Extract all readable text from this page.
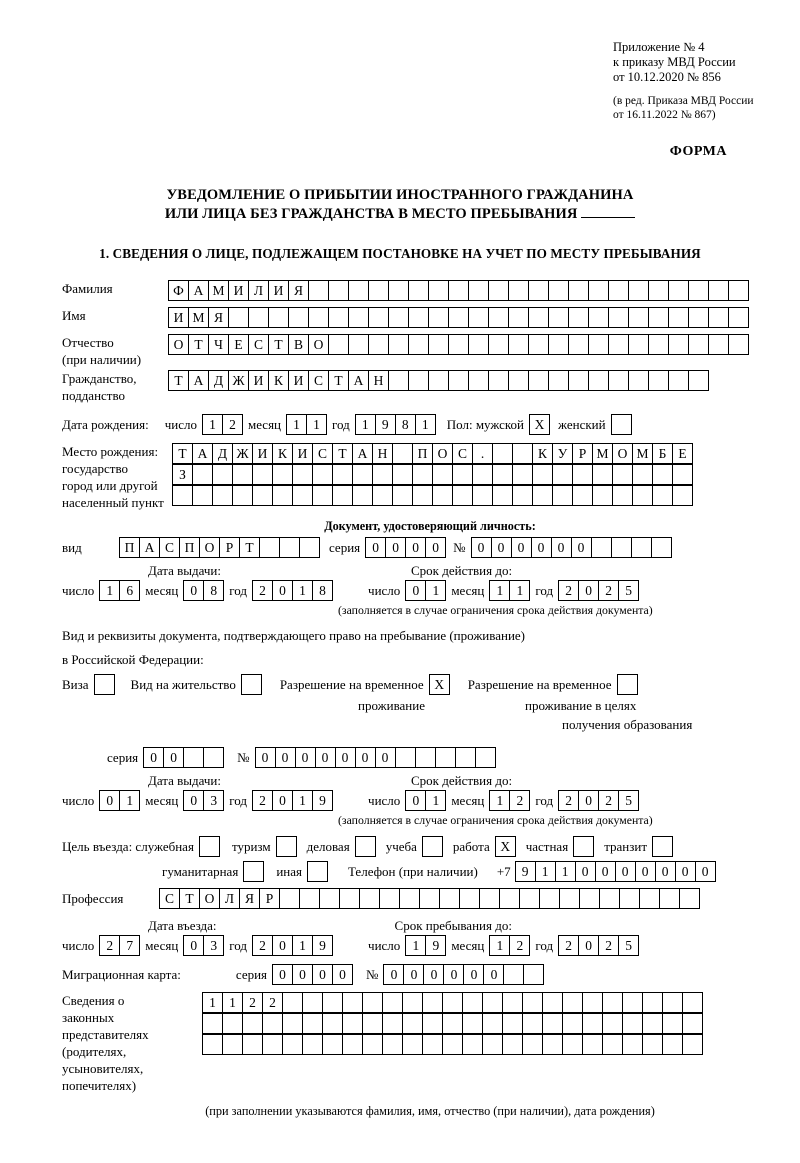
Приложение № 4
к приказу МВД России
от 10.12.2020 № 856
(в ред. Приказа МВД России
от 16.11.2022 № 867)
ФОРМА
УВЕДОМЛЕНИЕ О ПРИБЫТИИ ИНОСТРАННОГО ГРАЖДАНИНА
ИЛИ ЛИЦА БЕЗ ГРАЖДАНСТВА В МЕСТО ПРЕБЫВАНИЯ
1. СВЕДЕНИЯ О ЛИЦЕ, ПОДЛЕЖАЩЕМ ПОСТАНОВКЕ НА УЧЕТ ПО МЕСТУ ПРЕБЫВАНИЯ
Фамилия	Ф А М И Л И Я
Имя	И М Я
Отчество
(при наличии)
О Т Ч Е С Т В О
Гражданство,
подданство
Т А Д Ж И К И С Т А Н
Дата рождения: число 1 2 месяц 1 1 год 1 9 8 1	Пол: мужской Х	женский
Место рождения:
государство
город или другой
населенный пункт
Т А Д Ж И К И С Т А Н	П О С	.	К У Р М О М Б Е
З
Документ, удостоверяющий личность:
вид	П А С П О Р Т	серия 0 0 0 0	№ 0 0 0 0 0 0
Дата выдачи:	Срок действия до:
число 1 6 месяц 0 8 год 2 0 1 8	число 0 1 месяц 1 1 год 2 0 2 5
(заполняется в случае ограничения срока действия документа)
Вид и реквизиты документа, подтверждающего право на пребывание (проживание)
в Российской Федерации:
Виза	Вид на жительство	Разрешение на временное Х	Разрешение на временное
проживание	проживание в целях
получения образования
серия 0 0	№ 0 0 0 0 0 0 0
Дата выдачи:	Срок действия до:
число 0 1 месяц 0 3 год 2 0 1 9	число 0 1 месяц 1 2 год 2 0 2 5
(заполняется в случае ограничения срока действия документа)
Цель въезда: служебная	туризм	деловая	учеба	работа Х	частная	транзит
гуманитарная	иная	Телефон (при наличии) +7 9 1 1 0 0 0 0 0 0 0
Профессия	С Т О Л Я Р
Дата въезда:	Срок пребывания до:
число 2 7 месяц 0 3 год 2 0 1 9	число 1 9 месяц 1 2 год 2 0 2 5
Миграционная карта:	серия 0 0 0 0	№ 0 0 0 0 0 0
Сведения о
законных
представителях
(родителях,
усыновителях,
попечителях)
1 1 2 2
(при заполнении указываются фамилия, имя, отчество (при наличии), дата рождения)
